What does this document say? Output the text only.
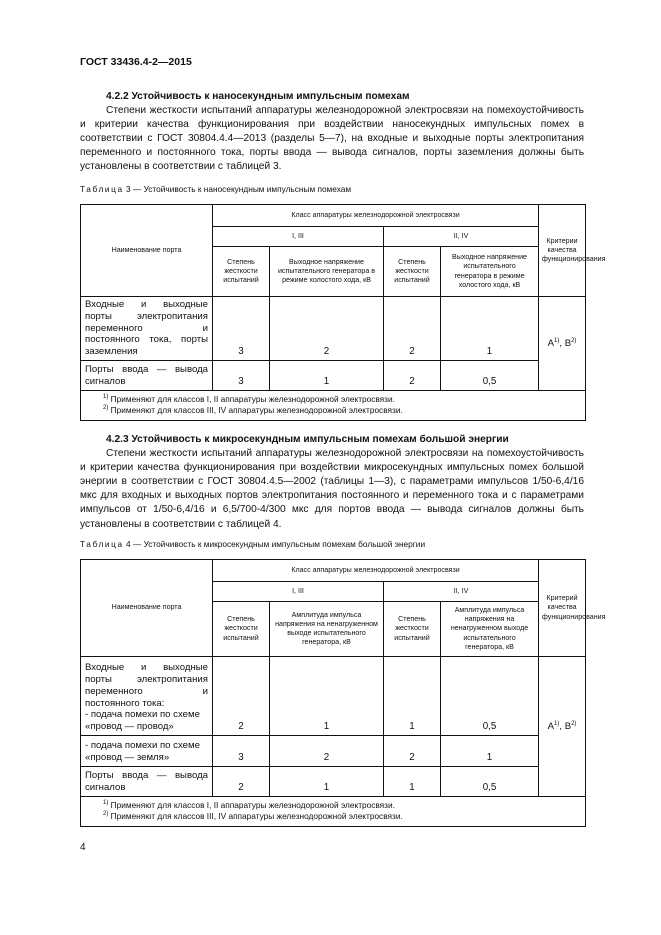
ГОСТ 33436.4-2—2015
4.2.2 Устойчивость к наносекундным импульсным помехам

Степени жесткости испытаний аппаратуры железнодорожной электросвязи на помехоустойчивость и критерии качества функционирования при воздействии наносекундных импульсных помех в соответствии с ГОСТ 30804.4.4—2013 (разделы 5—7), на входные и выходные порты электропитания переменного и постоянного тока, порты ввода — вывода сигналов, порты заземления должны быть установлены в соответствии с таблицей 3.

Таблица 3 — Устойчивость к наносекундным импульсным помехам
Наименование порта	Класс аппаратуры железнодорожной электросвязи				Критерии качества функционирования
	I, III		II, IV		
	Степень жесткости испытаний	Выходное напряжение испытательного генератора в режиме холостого хода, кВ	Степень жесткости испытаний	Выходное напряжение испытательного генератора в режиме холостого хода, кВ	
Входные и выходные порты электропитания переменного и постоянного тока, порты заземления	3	2	2	1	$A^{1)}$, $B^{2)}$
Порты ввода — вывода сигналов	3	1	2	0,5	

$^{1)}$ Применяют для классов I, II аппаратуры железнодорожной электросвязи.
$^{2)}$ Применяют для классов III, IV аппаратуры железнодорожной электросвязи.					
4.2.3 Устойчивость к микросекундным импульсным помехам большой энергии

Степени жесткости испытаний аппаратуры железнодорожной электросвязи на помехоустойчивость и критерии качества функционирования при воздействии микросекундных импульсных помех большой энергии в соответствии с ГОСТ 30804.4.5—2002 (таблицы 1—3), с параметрами импульсов 1/50-6,4/16 мкс для входных и выходных портов электропитания постоянного и переменного тока и с параметрами импульсов от 1/50-6,4/16 и 6,5/700-4/300 мкс для портов ввода — вывода сигналов должны быть установлены в соответствии с таблицей 4.

Таблица 4 — Устойчивость к микросекундным импульсным помехам большой энергии
Наименование порта	Класс аппаратуры железнодорожной электросвязи				Критерий качества функционирования
	I, III		II, IV		
	Степень жесткости испытаний	Амплитуда импульса напряжения на ненагруженном выходе испытательного генератора, кВ	Степень жесткости испытаний	Амплитуда импульса напряжения на ненагруженном выходе испытательного генератора, кВ	

Входные и выходные порты электропитания переменного и постоянного тока:
- подача помехи по схеме «провод — провод»	2	1	1	0,5	$A^{1)}$, $B^{2)}$
- подача помехи по схеме «провод — земля»	3	2	2	1	
Порты ввода — вывода сигналов	2	1	1	0,5	

$^{1)}$ Применяют для классов I, II аппаратуры железнодорожной электросвязи.
$^{2)}$ Применяют для классов III, IV аппаратуры железнодорожной электросвязи.					
4
